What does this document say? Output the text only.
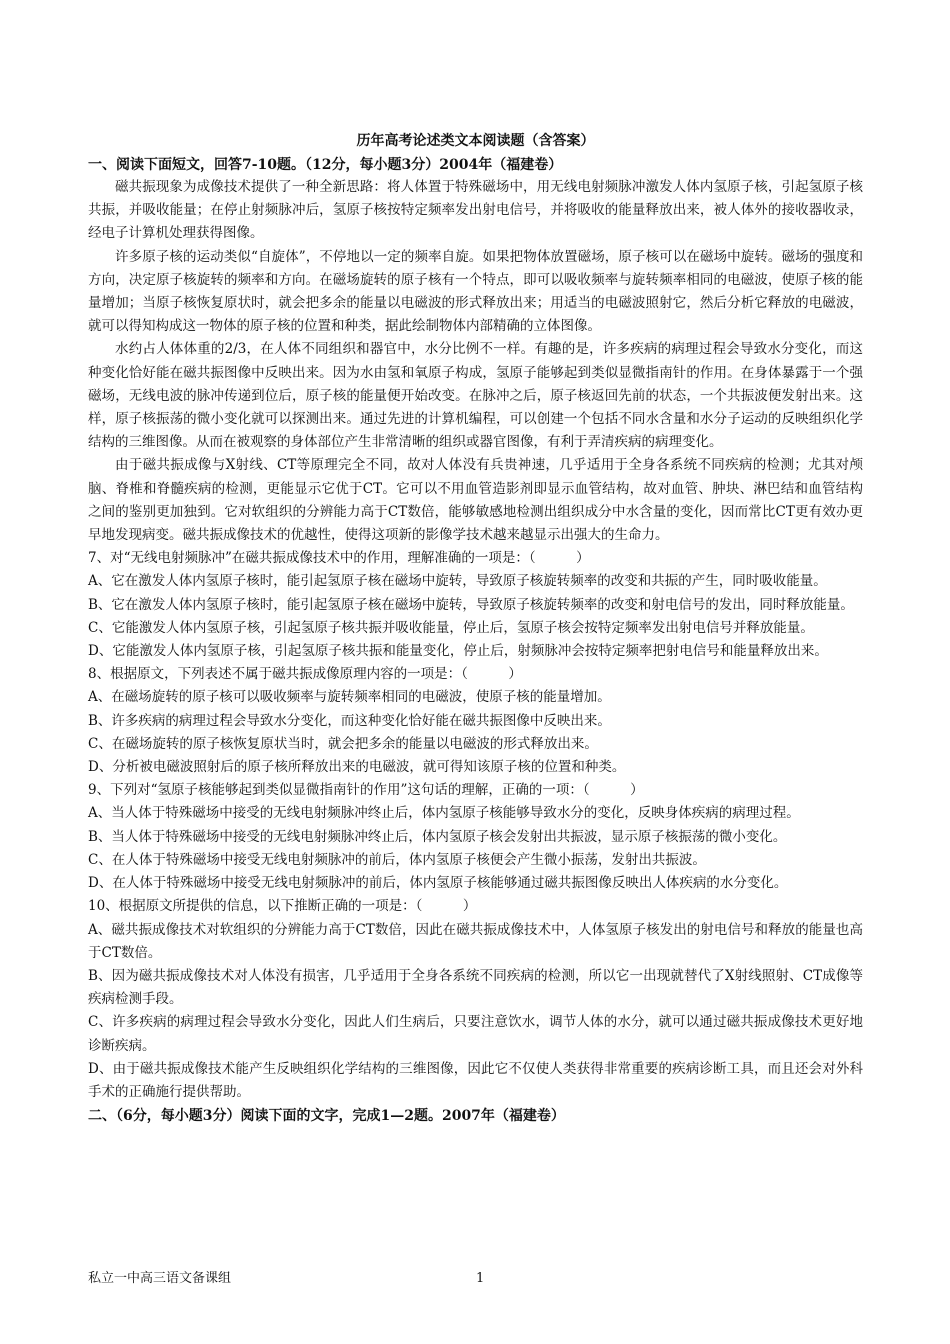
历年高考论述类文本阅读题（含答案）
一、阅读下面短文，回答7-10题。（12分，每小题3分）2004年（福建卷）

磁共振现象为成像技术提供了一种全新思路：将人体置于特殊磁场中，用无线电射频脉冲激发人体内氢原子核，引起氢原子核共振，并吸收能量；在停止射频脉冲后，氢原子核按特定频率发出射电信号，并将吸收的能量释放出来，被人体外的接收器收录，经电子计算机处理获得图像。

许多原子核的运动类似“自旋体”，不停地以一定的频率自旋。如果把物体放置磁场，原子核可以在磁场中旋转。磁场的强度和方向，决定原子核旋转的频率和方向。在磁场旋转的原子核有一个特点，即可以吸收频率与旋转频率相同的电磁波，使原子核的能量增加；当原子核恢复原状时，就会把多余的能量以电磁波的形式释放出来；用适当的电磁波照射它，然后分析它释放的电磁波，就可以得知构成这一物体的原子核的位置和种类，据此绘制物体内部精确的立体图像。

水约占人体体重的2/3，在人体不同组织和器官中，水分比例不一样。有趣的是，许多疾病的病理过程会导致水分变化，而这种变化恰好能在磁共振图像中反映出来。因为水由氢和氧原子构成，氢原子能够起到类似显微指南针的作用。在身体暴露于一个强磁场，无线电波的脉冲传递到位后，原子核的能量便开始改变。在脉冲之后，原子核返回先前的状态，一个共振波便发射出来。这样，原子核振荡的微小变化就可以探测出来。通过先进的计算机编程，可以创建一个包括不同水含量和水分子运动的反映组织化学结构的三维图像。从而在被观察的身体部位产生非常清晰的组织或器官图像，有利于弄清疾病的病理变化。

由于磁共振成像与X射线、CT等原理完全不同，故对人体没有兵贵神速，几乎适用于全身各系统不同疾病的检测；尤其对颅脑、脊椎和脊髓疾病的检测，更能显示它优于CT。它可以不用血管造影剂即显示血管结构，故对血管、肿块、淋巴结和血管结构之间的鉴别更加独到。它对软组织的分辨能力高于CT数倍，能够敏感地检测出组织成分中水含量的变化，因而常比CT更有效办更早地发现病变。磁共振成像技术的优越性，使得这项新的影像学技术越来越显示出强大的生命力。

7、对“无线电射频脉冲”在磁共振成像技术中的作用，理解准确的一项是：（　　　）

A、它在激发人体内氢原子核时，能引起氢原子核在磁场中旋转，导致原子核旋转频率的改变和共振的产生，同时吸收能量。

B、它在激发人体内氢原子核时，能引起氢原子核在磁场中旋转，导致原子核旋转频率的改变和射电信号的发出，同时释放能量。

C、它能激发人体内氢原子核，引起氢原子核共振并吸收能量，停止后，氢原子核会按特定频率发出射电信号并释放能量。

D、它能激发人体内氢原子核，引起氢原子核共振和能量变化，停止后，射频脉冲会按特定频率把射电信号和能量释放出来。

8、根据原文，下列表述不属于磁共振成像原理内容的一项是：（　　　）

A、在磁场旋转的原子核可以吸收频率与旋转频率相同的电磁波，使原子核的能量增加。

B、许多疾病的病理过程会导致水分变化，而这种变化恰好能在磁共振图像中反映出来。

C、在磁场旋转的原子核恢复原状当时，就会把多余的能量以电磁波的形式释放出来。

D、分析被电磁波照射后的原子核所释放出来的电磁波，就可得知该原子核的位置和种类。

9、下列对“氢原子核能够起到类似显微指南针的作用”这句话的理解，正确的一项：（　　　）

A、当人体于特殊磁场中接受的无线电射频脉冲终止后，体内氢原子核能够导致水分的变化，反映身体疾病的病理过程。

B、当人体于特殊磁场中接受的无线电射频脉冲终止后，体内氢原子核会发射出共振波，显示原子核振荡的微小变化。

C、在人体于特殊磁场中接受无线电射频脉冲的前后，体内氢原子核便会产生微小振荡，发射出共振波。

D、在人体于特殊磁场中接受无线电射频脉冲的前后，体内氢原子核能够通过磁共振图像反映出人体疾病的水分变化。

10、根据原文所提供的信息，以下推断正确的一项是：（　　　）

A、磁共振成像技术对软组织的分辨能力高于CT数倍，因此在磁共振成像技术中，人体氢原子核发出的射电信号和释放的能量也高于CT数倍。

B、因为磁共振成像技术对人体没有损害，几乎适用于全身各系统不同疾病的检测，所以它一出现就替代了X射线照射、CT成像等疾病检测手段。

C、许多疾病的病理过程会导致水分变化，因此人们生病后，只要注意饮水，调节人体的水分，就可以通过磁共振成像技术更好地诊断疾病。

D、由于磁共振成像技术能产生反映组织化学结构的三维图像，因此它不仅使人类获得非常重要的疾病诊断工具，而且还会对外科手术的正确施行提供帮助。

二、（6分，每小题3分）阅读下面的文字，完成1—2题。2007年（福建卷）
私立一中高三语文备课组	1
